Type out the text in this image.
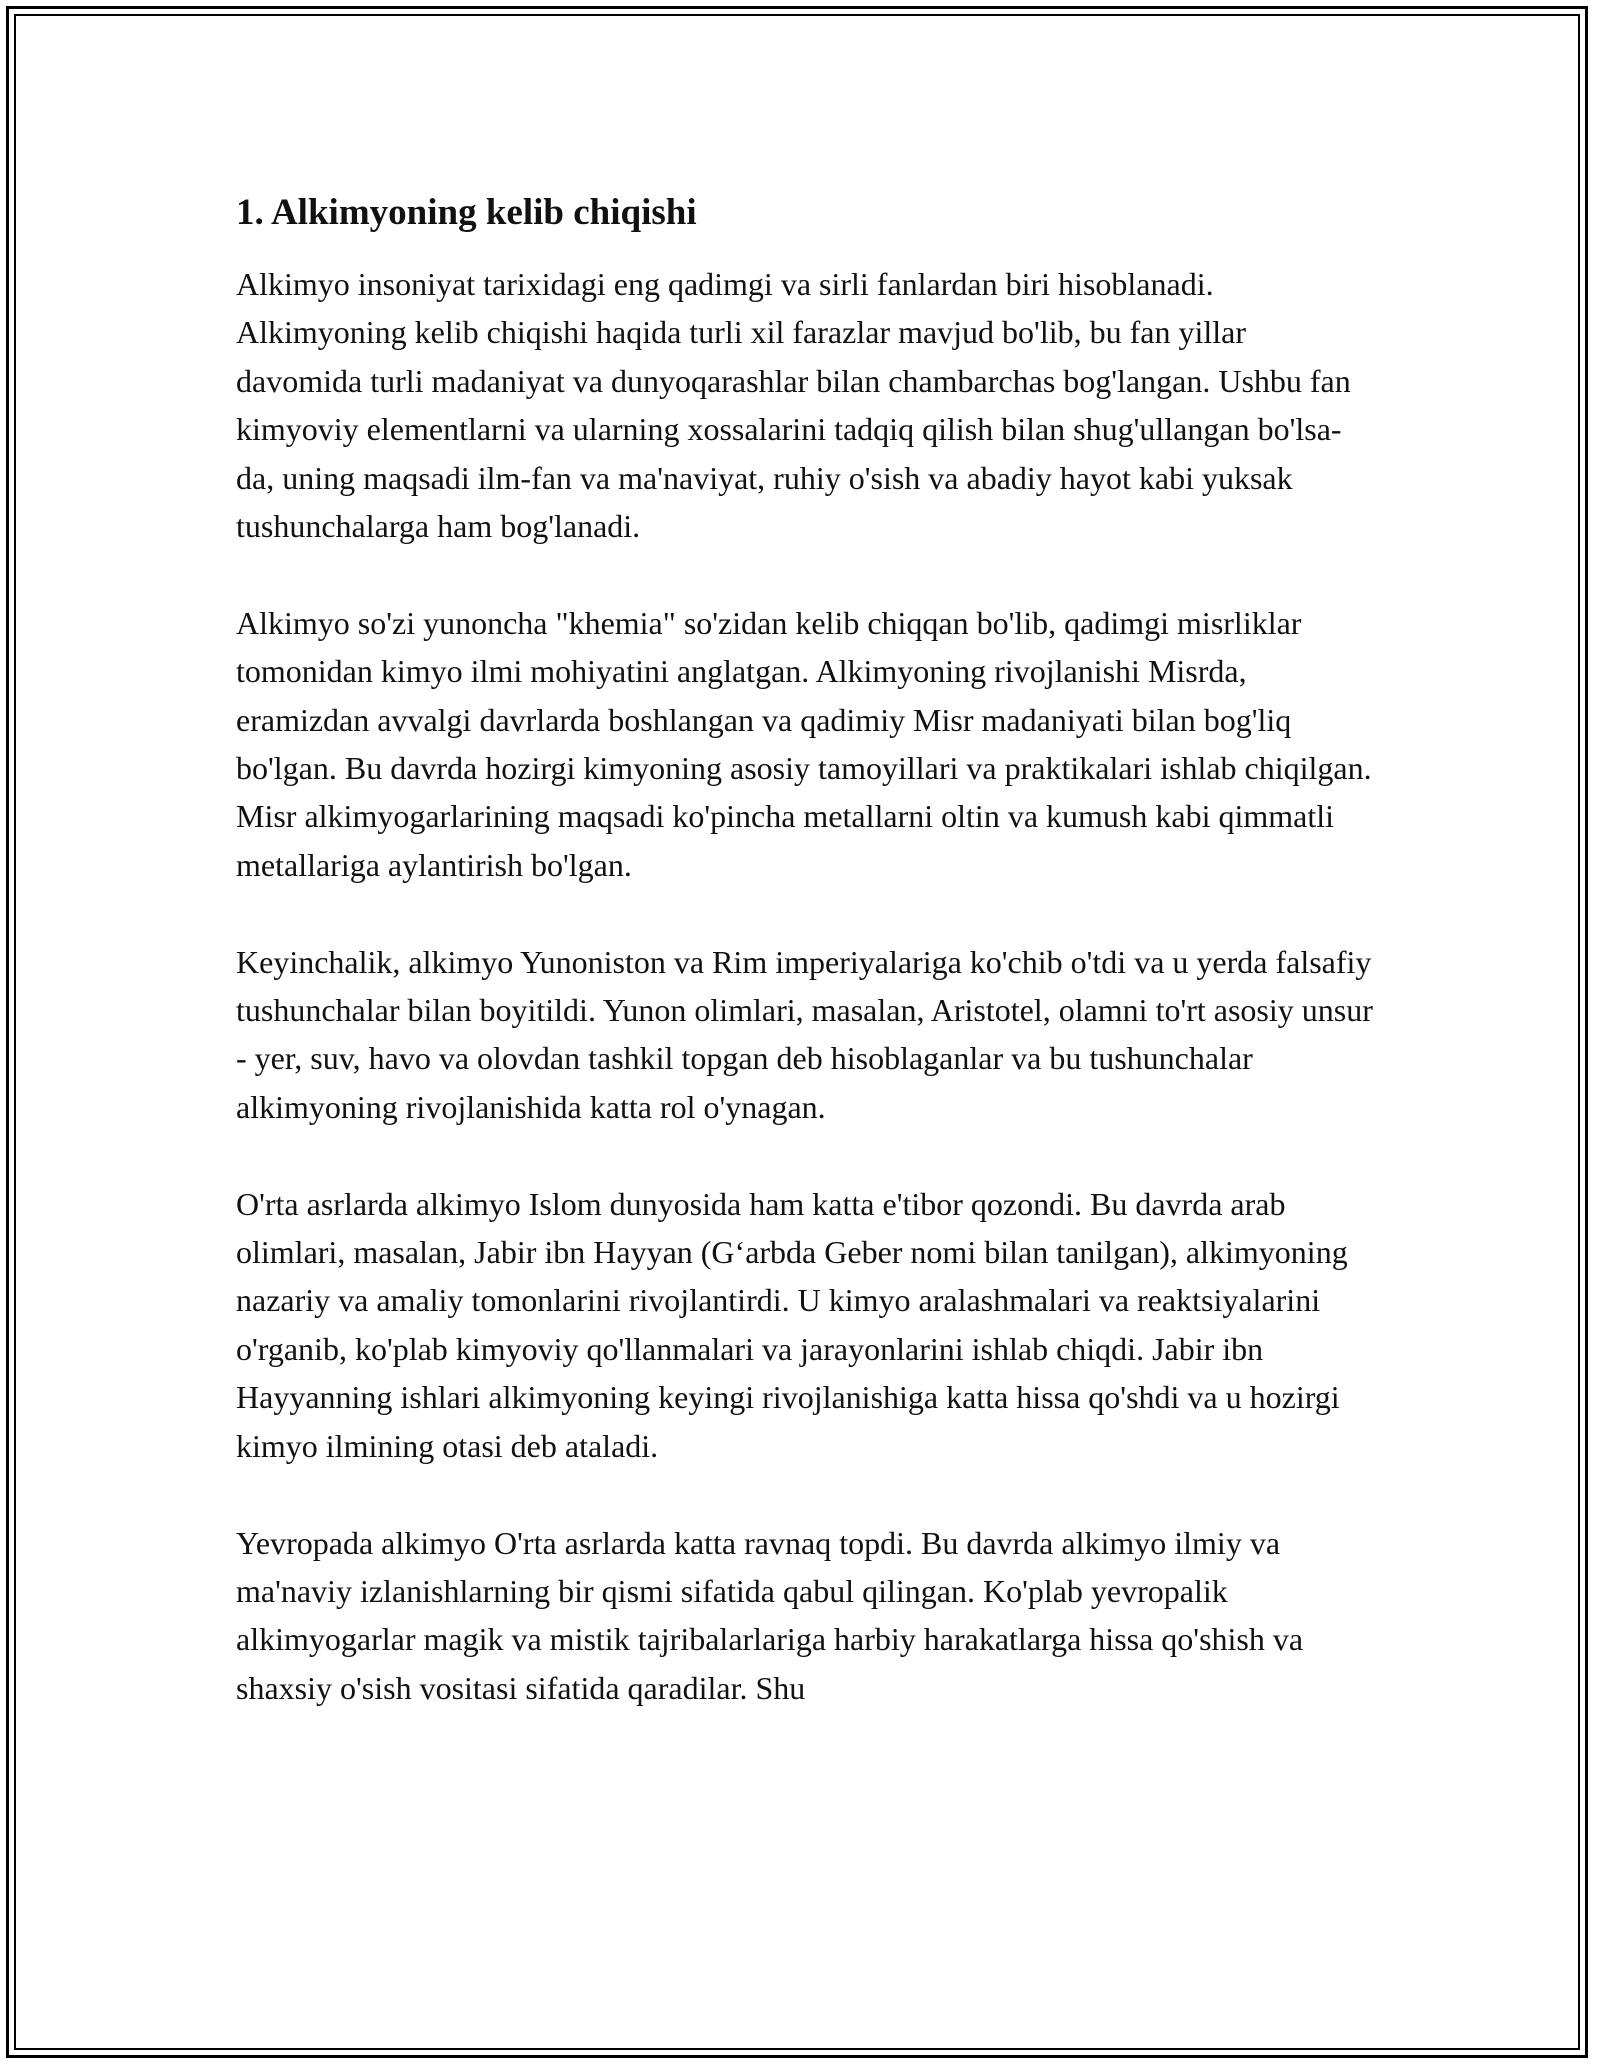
1. Alkimyoning kelib chiqishi

Alkimyo insoniyat tarixidagi eng qadimgi va sirli fanlardan biri hisoblanadi. Alkimyoning kelib chiqishi haqida turli xil farazlar mavjud bo'lib, bu fan yillar davomida turli madaniyat va dunyoqarashlar bilan chambarchas bog'langan. Ushbu fan kimyoviy elementlarni va ularning xossalarini tadqiq qilish bilan shug'ullangan bo'lsa-da, uning maqsadi ilm-fan va ma'naviyat, ruhiy o'sish va abadiy hayot kabi yuksak tushunchalarga ham bog'lanadi.

Alkimyo so'zi yunoncha "khemia" so'zidan kelib chiqqan bo'lib, qadimgi misrliklar tomonidan kimyo ilmi mohiyatini anglatgan. Alkimyoning rivojlanishi Misrda, eramizdan avvalgi davrlarda boshlangan va qadimiy Misr madaniyati bilan bog'liq bo'lgan. Bu davrda hozirgi kimyoning asosiy tamoyillari va praktikalari ishlab chiqilgan. Misr alkimyogarlarining maqsadi ko'pincha metallarni oltin va kumush kabi qimmatli metallariga aylantirish bo'lgan.

Keyinchalik, alkimyo Yunoniston va Rim imperiyalariga ko'chib o'tdi va u yerda falsafiy tushunchalar bilan boyitildi. Yunon olimlari, masalan, Aristotel, olamni to'rt asosiy unsur - yer, suv, havo va olovdan tashkil topgan deb hisoblaganlar va bu tushunchalar alkimyoning rivojlanishida katta rol o'ynagan.

O'rta asrlarda alkimyo Islom dunyosida ham katta e'tibor qozondi. Bu davrda arab olimlari, masalan, Jabir ibn Hayyan (G‘arbda Geber nomi bilan tanilgan), alkimyoning nazariy va amaliy tomonlarini rivojlantirdi. U kimyo aralashmalari va reaktsiyalarini o'rganib, ko'plab kimyoviy qo'llanmalari va jarayonlarini ishlab chiqdi. Jabir ibn Hayyanning ishlari alkimyoning keyingi rivojlanishiga katta hissa qo'shdi va u hozirgi kimyo ilmining otasi deb ataladi.

Yevropada alkimyo O'rta asrlarda katta ravnaq topdi. Bu davrda alkimyo ilmiy va ma'naviy izlanishlarning bir qismi sifatida qabul qilingan. Ko'plab yevropalik alkimyogarlar magik va mistik tajribalarlariga harbiy harakatlarga hissa qo'shish va shaxsiy o'sish vositasi sifatida qaradilar. Shu
